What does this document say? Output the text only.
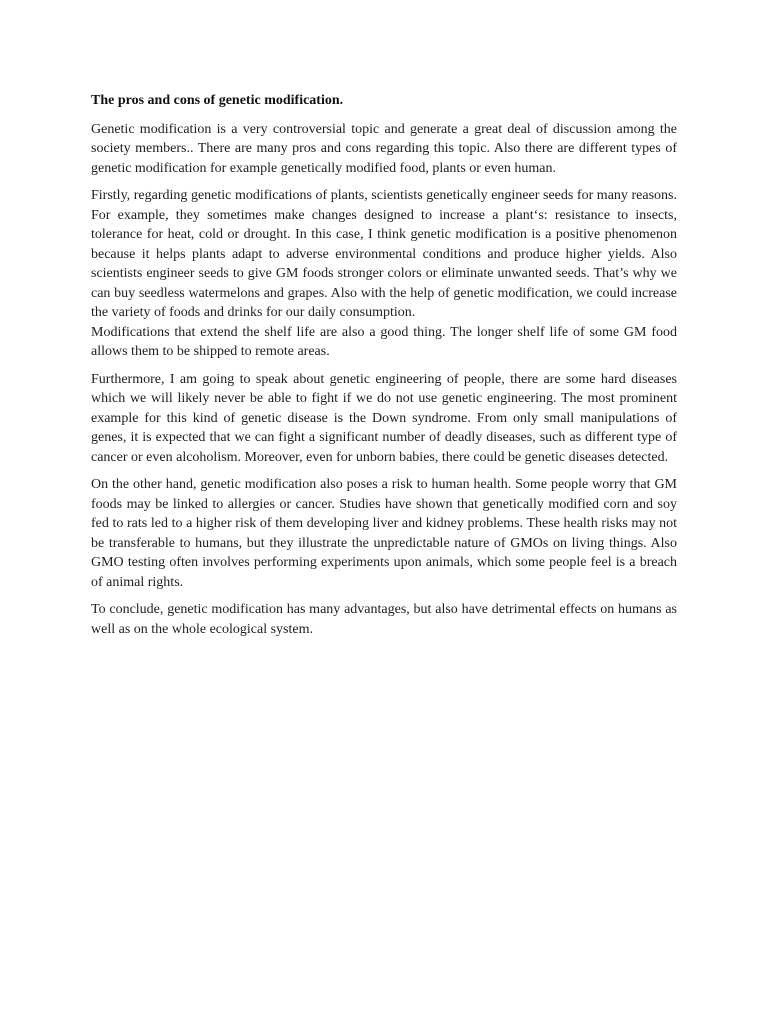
The pros and cons of genetic modification.

Genetic modification is a very controversial topic and generate a great deal of discussion among the society members.. There are many pros and cons regarding this topic. Also there are different types of genetic modification for example genetically modified food, plants or even human.

Firstly, regarding genetic modifications of plants, scientists genetically engineer seeds for many reasons. For example, they sometimes make changes designed to increase a plant‘s: resistance to insects, tolerance for heat, cold or drought. In this case, I think genetic modification is a positive phenomenon because it helps plants adapt to adverse environmental conditions and produce higher yields. Also scientists engineer seeds to give GM foods stronger colors or eliminate unwanted seeds. That’s why we can buy seedless watermelons and grapes. Also with the help of genetic modification, we could increase the variety of foods and drinks for our daily consumption.

Modifications that extend the shelf life are also a good thing. The longer shelf life of some GM food allows them to be shipped to remote areas.

Furthermore, I am going to speak about genetic engineering of people, there are some hard diseases which we will likely never be able to fight if we do not use genetic engineering. The most prominent example for this kind of genetic disease is the Down syndrome. From only small manipulations of genes, it is expected that we can fight a significant number of deadly diseases, such as different type of cancer or even alcoholism. Moreover, even for unborn babies, there could be genetic diseases detected.

On the other hand, genetic modification also poses a risk to human health. Some people worry that GM foods may be linked to allergies or cancer. Studies have shown that genetically modified corn and soy fed to rats led to a higher risk of them developing liver and kidney problems. These health risks may not be transferable to humans, but they illustrate the unpredictable nature of GMOs on living things. Also GMO testing often involves performing experiments upon animals, which some people feel is a breach of animal rights.

To conclude, genetic modification has many advantages, but also have detrimental effects on humans as well as on the whole ecological system.
